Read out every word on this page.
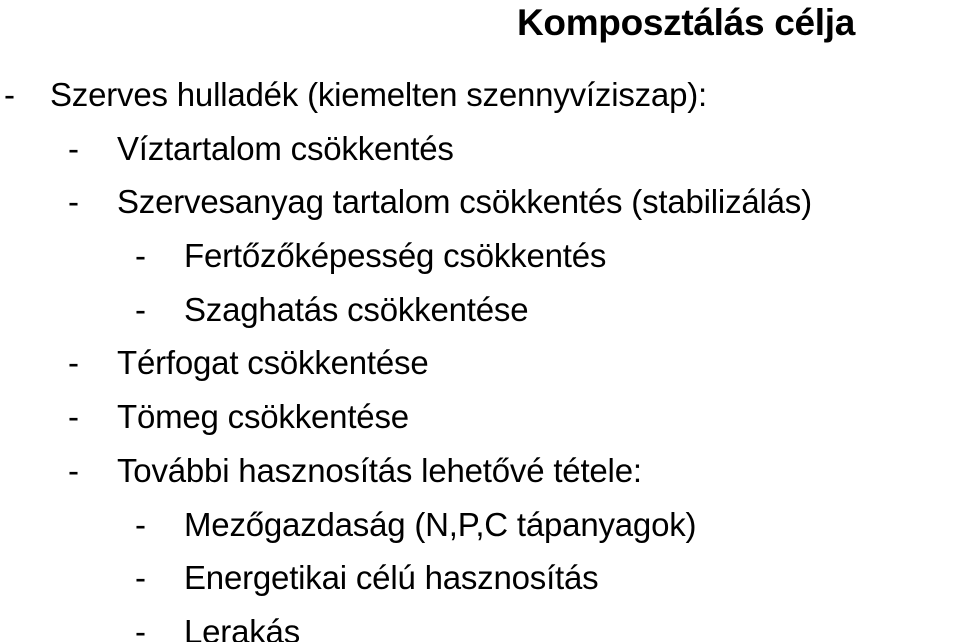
Komposztálás célja
- Szerves hulladék (kiemelten szennyvíziszap):
- Víztartalom csökkentés
- Szervesanyag tartalom csökkentés (stabilizálás)
- Fertőzőképesség csökkentés
- Szaghatás csökkentése
- Térfogat csökkentése
- Tömeg csökkentése
- További hasznosítás lehetővé tétele:
- Mezőgazdaság (N,P,C tápanyagok)
- Energetikai célú hasznosítás
- Lerakás
